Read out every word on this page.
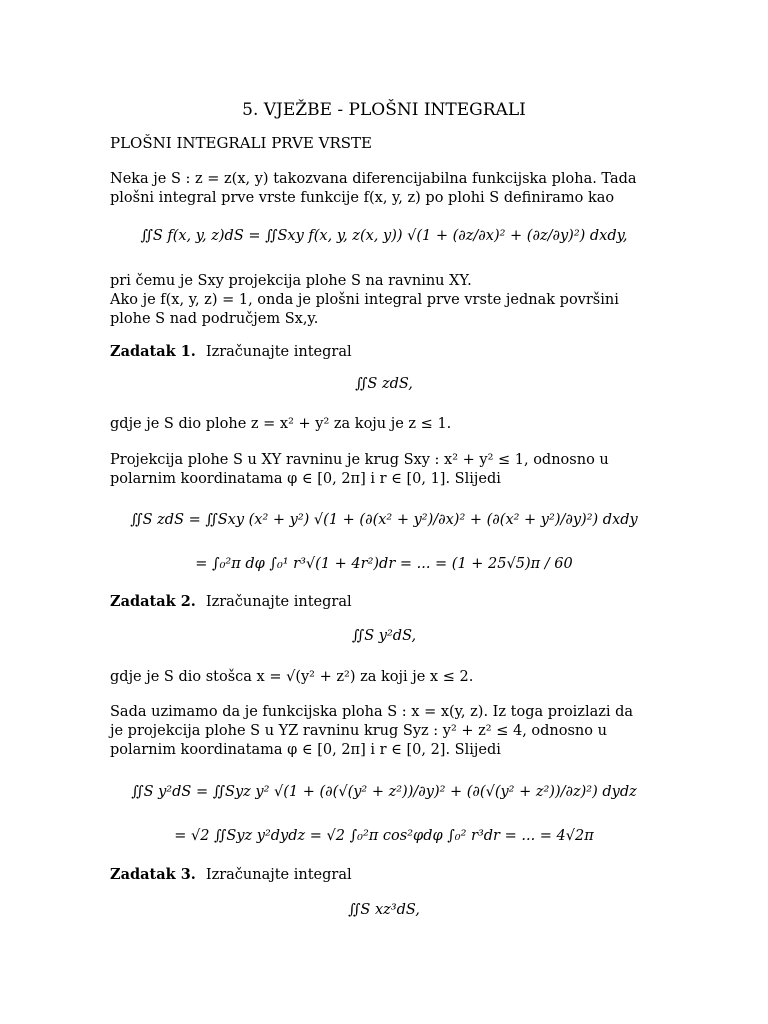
5. VJEŽBE - PLOŠNI INTEGRALI
PLOŠNI INTEGRALI PRVE VRSTE
Neka je S : z = z(x, y) takozvana diferencijabilna funkcijska ploha. Tada plošni integral prve vrste funkcije f(x, y, z) po plohi S definiramo kao
∬S f(x, y, z)dS = ∬Sxy f(x, y, z(x, y)) √(1 + (∂z/∂x)² + (∂z/∂y)²) dxdy,
pri čemu je Sxy projekcija plohe S na ravninu XY.
Ako je f(x, y, z) = 1, onda je plošni integral prve vrste jednak površini plohe S nad područjem Sx,y.
Zadatak 1. Izračunajte integral
∬S zdS,
gdje je S dio plohe z = x² + y² za koju je z ≤ 1.
Projekcija plohe S u XY ravninu je krug Sxy : x² + y² ≤ 1, odnosno u polarnim koordinatama φ ∈ [0, 2π] i r ∈ [0, 1]. Slijedi
∬S zdS = ∬Sxy (x² + y²) √(1 + (∂(x² + y²)/∂x)² + (∂(x² + y²)/∂y)²) dxdy
= ∫₀²π dφ ∫₀¹ r³√(1 + 4r²)dr = ... = (1 + 25√5)π / 60
Zadatak 2. Izračunajte integral
∬S y²dS,
gdje je S dio stošca x = √(y² + z²) za koji je x ≤ 2.
Sada uzimamo da je funkcijska ploha S : x = x(y, z). Iz toga proizlazi da je projekcija plohe S u YZ ravninu krug Syz : y² + z² ≤ 4, odnosno u polarnim koordinatama φ ∈ [0, 2π] i r ∈ [0, 2]. Slijedi
∬S y²dS = ∬Syz y² √(1 + (∂(√(y² + z²))/∂y)² + (∂(√(y² + z²))/∂z)²) dydz
= √2 ∬Syz y²dydz = √2 ∫₀²π cos²φdφ ∫₀² r³dr = ... = 4√2π
Zadatak 3. Izračunajte integral
∬S xz³dS,
